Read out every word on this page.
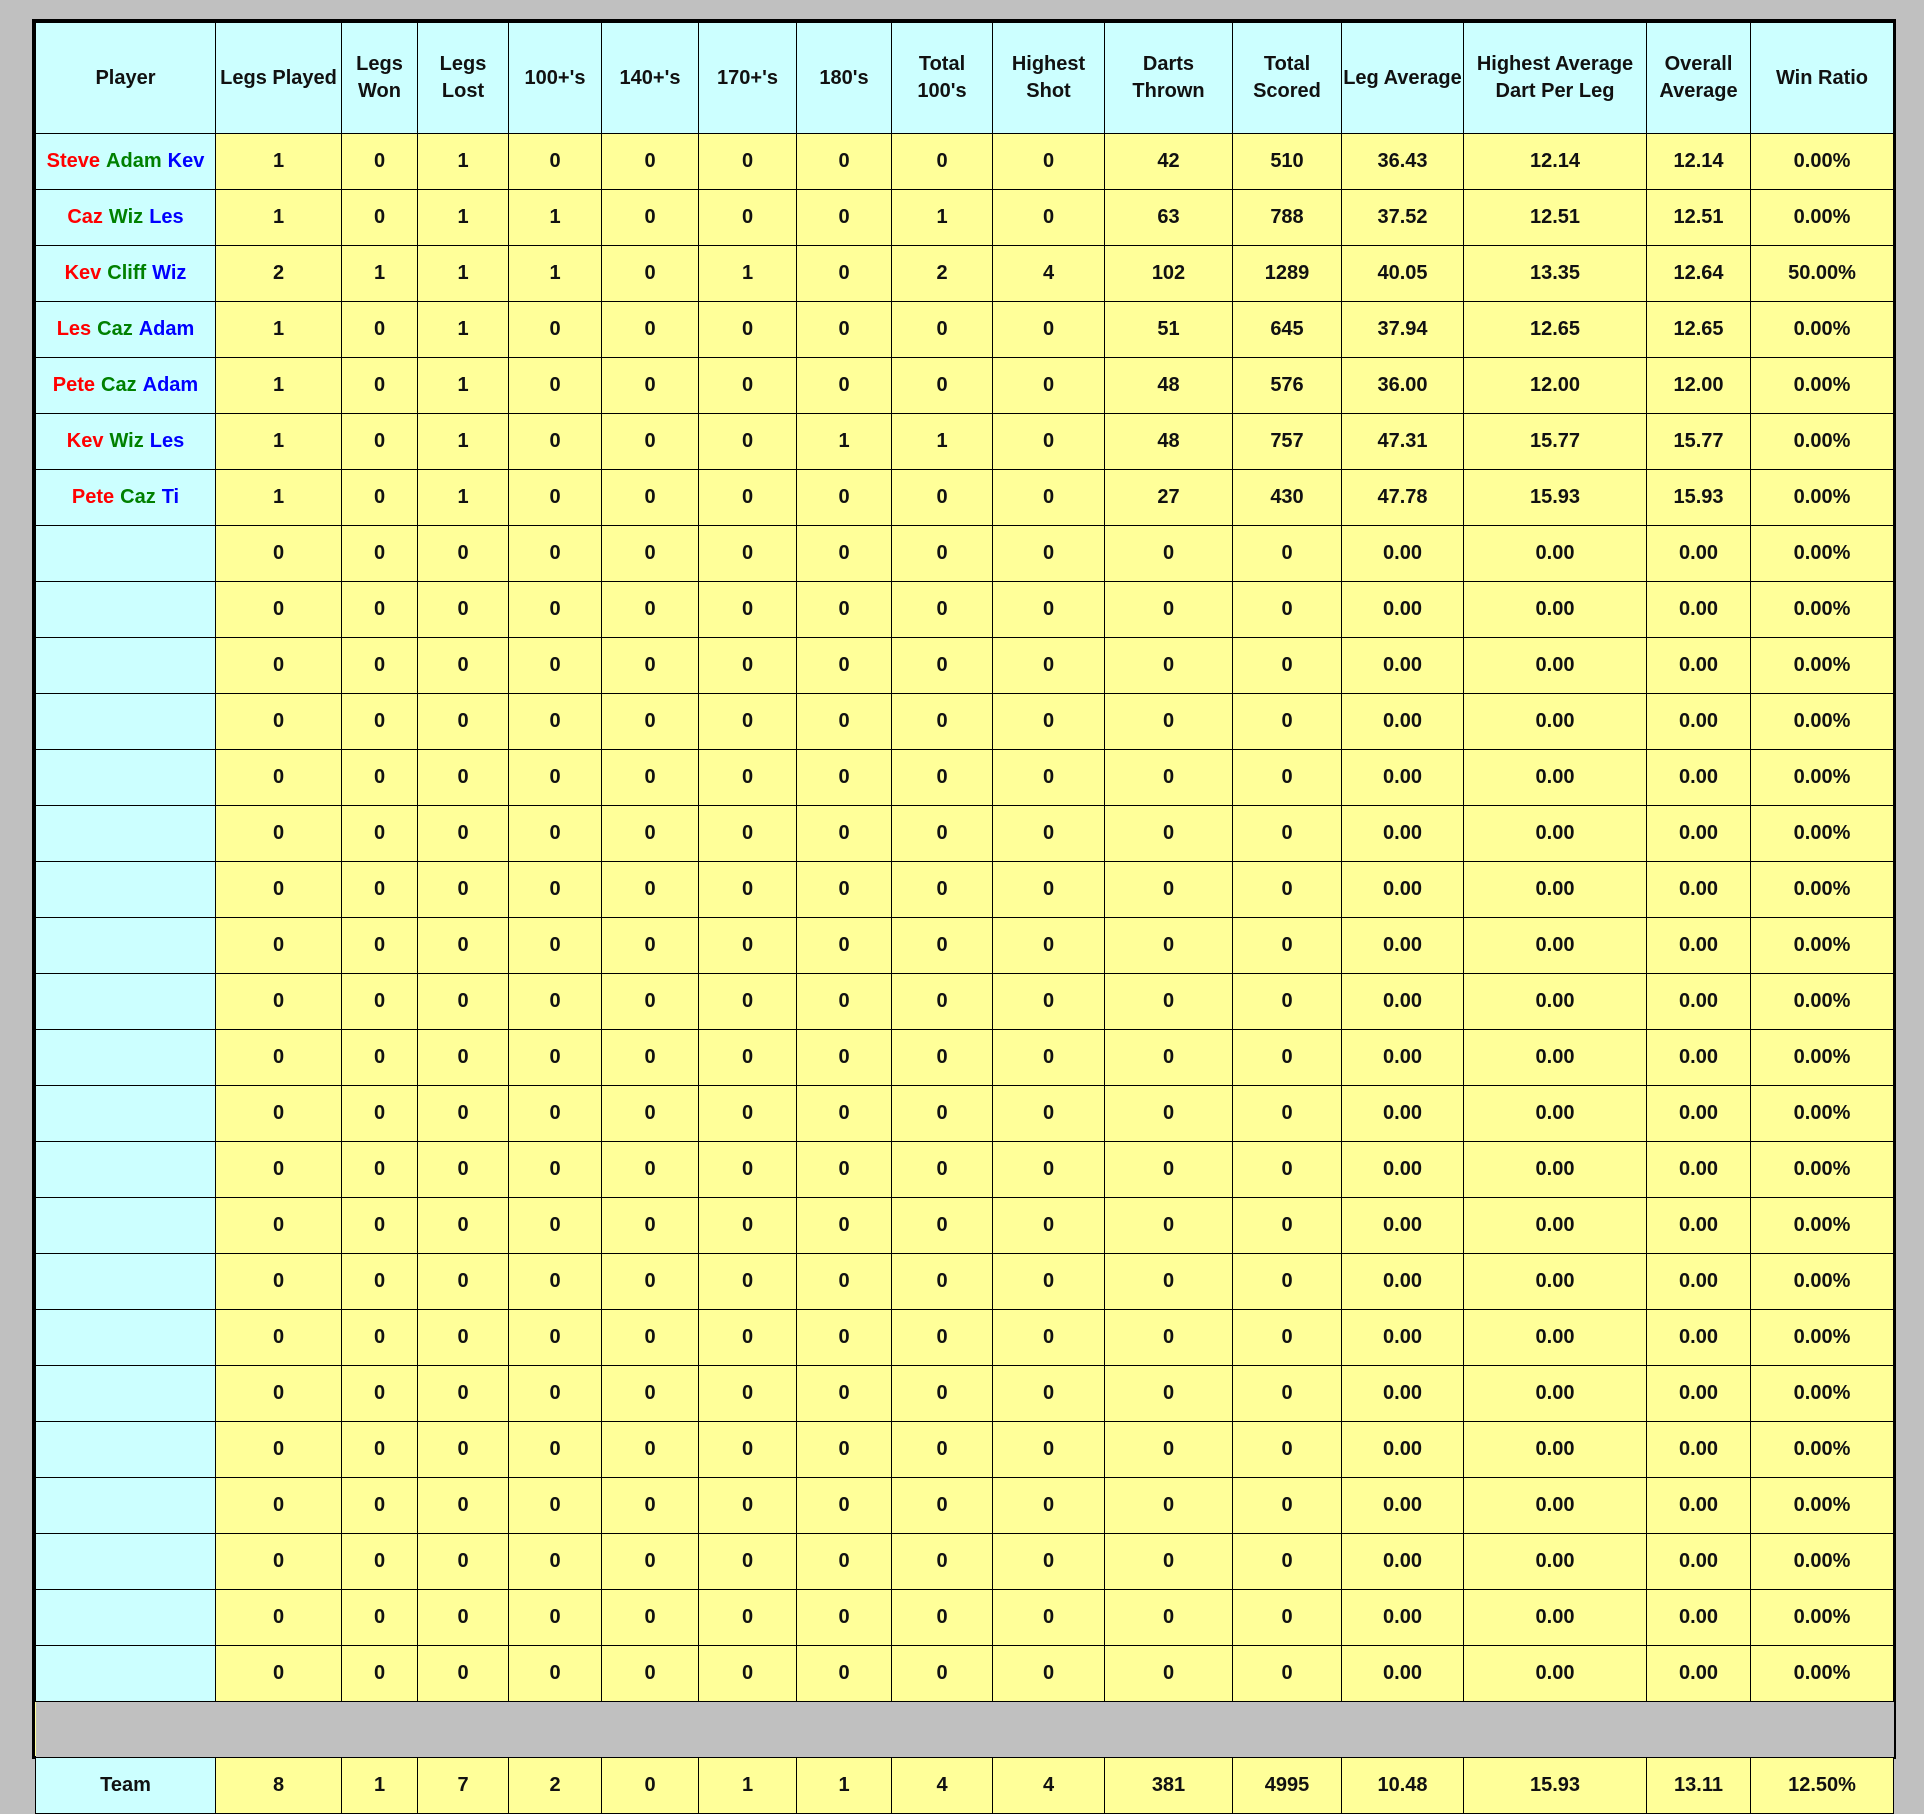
Player	Legs Played	Legs Won	Legs Lost	100+'s	140+'s	170+'s	180's	Total 100's	Highest Shot	Darts Thrown	Total Scored	Leg Average	Highest Average Dart Per Leg	Overall Average	Win Ratio
Steve Adam Kev	1	0	1	0	0	0	0	0	0	42	510	36.43	12.14	12.14	0.00%
Caz Wiz Les	1	0	1	1	0	0	0	1	0	63	788	37.52	12.51	12.51	0.00%
Kev Cliff Wiz	2	1	1	1	0	1	0	2	4	102	1289	40.05	13.35	12.64	50.00%
Les Caz Adam	1	0	1	0	0	0	0	0	0	51	645	37.94	12.65	12.65	0.00%
Pete Caz Adam	1	0	1	0	0	0	0	0	0	48	576	36.00	12.00	12.00	0.00%
Kev Wiz Les	1	0	1	0	0	0	1	1	0	48	757	47.31	15.77	15.77	0.00%
Pete Caz Ti	1	0	1	0	0	0	0	0	0	27	430	47.78	15.93	15.93	0.00%
	0	0	0	0	0	0	0	0	0	0	0	0.00	0.00	0.00	0.00%
	0	0	0	0	0	0	0	0	0	0	0	0.00	0.00	0.00	0.00%
	0	0	0	0	0	0	0	0	0	0	0	0.00	0.00	0.00	0.00%
	0	0	0	0	0	0	0	0	0	0	0	0.00	0.00	0.00	0.00%
	0	0	0	0	0	0	0	0	0	0	0	0.00	0.00	0.00	0.00%
	0	0	0	0	0	0	0	0	0	0	0	0.00	0.00	0.00	0.00%
	0	0	0	0	0	0	0	0	0	0	0	0.00	0.00	0.00	0.00%
	0	0	0	0	0	0	0	0	0	0	0	0.00	0.00	0.00	0.00%
	0	0	0	0	0	0	0	0	0	0	0	0.00	0.00	0.00	0.00%
	0	0	0	0	0	0	0	0	0	0	0	0.00	0.00	0.00	0.00%
	0	0	0	0	0	0	0	0	0	0	0	0.00	0.00	0.00	0.00%
	0	0	0	0	0	0	0	0	0	0	0	0.00	0.00	0.00	0.00%
	0	0	0	0	0	0	0	0	0	0	0	0.00	0.00	0.00	0.00%
	0	0	0	0	0	0	0	0	0	0	0	0.00	0.00	0.00	0.00%
	0	0	0	0	0	0	0	0	0	0	0	0.00	0.00	0.00	0.00%
	0	0	0	0	0	0	0	0	0	0	0	0.00	0.00	0.00	0.00%
	0	0	0	0	0	0	0	0	0	0	0	0.00	0.00	0.00	0.00%
	0	0	0	0	0	0	0	0	0	0	0	0.00	0.00	0.00	0.00%
	0	0	0	0	0	0	0	0	0	0	0	0.00	0.00	0.00	0.00%
	0	0	0	0	0	0	0	0	0	0	0	0.00	0.00	0.00	0.00%
	0	0	0	0	0	0	0	0	0	0	0	0.00	0.00	0.00	0.00%

Team	8	1	7	2	0	1	1	4	4	381	4995	10.48	15.93	13.11	12.50%
